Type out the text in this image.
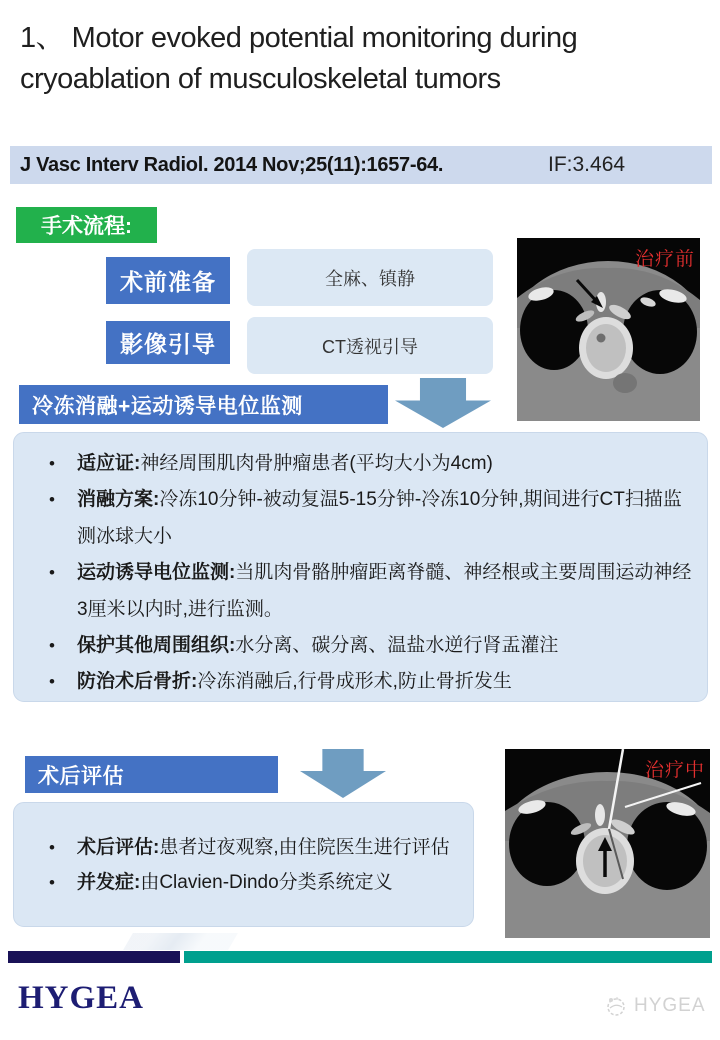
1、 Motor evoked potential monitoring during
cryoablation of musculoskeletal tumors
J Vasc Interv Radiol. 2014 Nov;25(11):1657-64.	IF:3.464
手术流程:
术前准备	全麻、镇静
影像引导	CT透视引导
冷冻消融+运动诱导电位监测
• 适应证:神经周围肌肉骨肿瘤患者(平均大小为4cm)
• 消融方案:冷冻10分钟-被动复温5-15分钟-冷冻10分钟,期间进行CT扫描监测冰球大小
• 运动诱导电位监测:当肌肉骨骼肿瘤距离脊髓、神经根或主要周围运动神经3厘米以内时,进行监测。
• 保护其他周围组织:水分离、碳分离、温盐水逆行肾盂灌注
• 防治术后骨折:冷冻消融后,行骨成形术,防止骨折发生
治疗前
术后评估
• 术后评估:患者过夜观察,由住院医生进行评估
• 并发症:由Clavien-Dindo分类系统定义
治疗中
HYGEA	HYGEA
